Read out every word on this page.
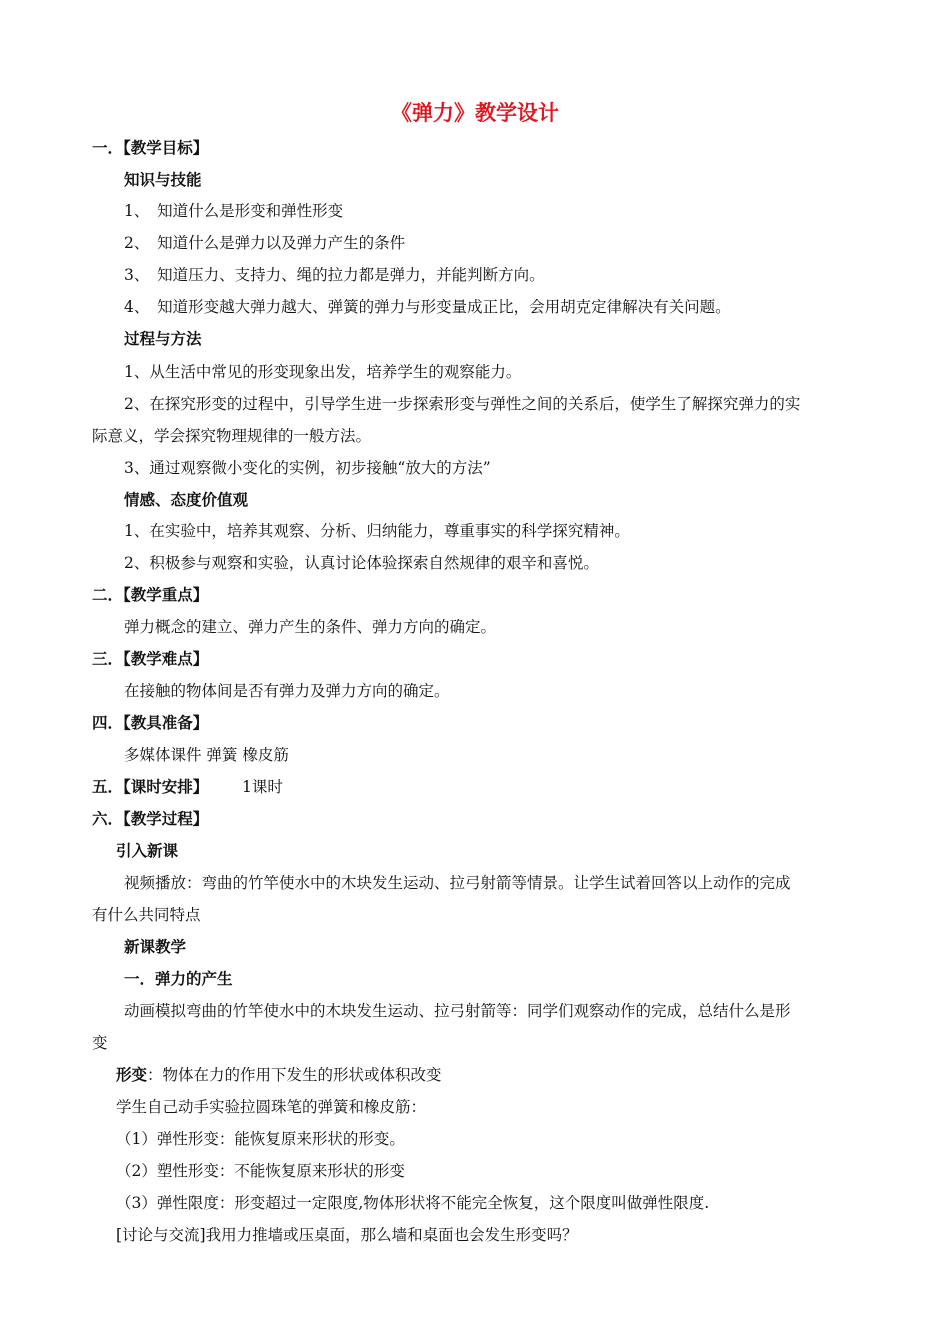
《弹力》教学设计
一．【教学目标】
知识与技能
1、　知道什么是形变和弹性形变
2、　知道什么是弹力以及弹力产生的条件
3、　知道压力、支持力、绳的拉力都是弹力，并能判断方向。
4、　知道形变越大弹力越大、弹簧的弹力与形变量成正比，会用胡克定律解决有关问题。
过程与方法
1、从生活中常见的形变现象出发，培养学生的观察能力。
2、在探究形变的过程中，引导学生进一步探索形变与弹性之间的关系后，使学生了解探究弹力的实
际意义，学会探究物理规律的一般方法。
3、通过观察微小变化的实例，初步接触“放大的方法”
情感、态度价值观
1、在实验中，培养其观察、分析、归纳能力，尊重事实的科学探究精神。
2、积极参与观察和实验，认真讨论体验探索自然规律的艰辛和喜悦。
二．【教学重点】
弹力概念的建立、弹力产生的条件、弹力方向的确定。
三．【教学难点】
在接触的物体间是否有弹力及弹力方向的确定。
四．【教具准备】
多媒体课件 弹簧 橡皮筋
五．【课时安排】 1课时
六．【教学过程】
引入新课
视频播放：弯曲的竹竿使水中的木块发生运动、拉弓射箭等情景。让学生试着回答以上动作的完成
有什么共同特点
新课教学
一．弹力的产生
动画模拟弯曲的竹竿使水中的木块发生运动、拉弓射箭等：同学们观察动作的完成，总结什么是形
变
形变：物体在力的作用下发生的形状或体积改变
学生自己动手实验拉圆珠笔的弹簧和橡皮筋：
（1）弹性形变：能恢复原来形状的形变。
（2）塑性形变：不能恢复原来形状的形变
（3）弹性限度：形变超过一定限度,物体形状将不能完全恢复，这个限度叫做弹性限度.
[讨论与交流]我用力推墙或压桌面，那么墙和桌面也会发生形变吗？
